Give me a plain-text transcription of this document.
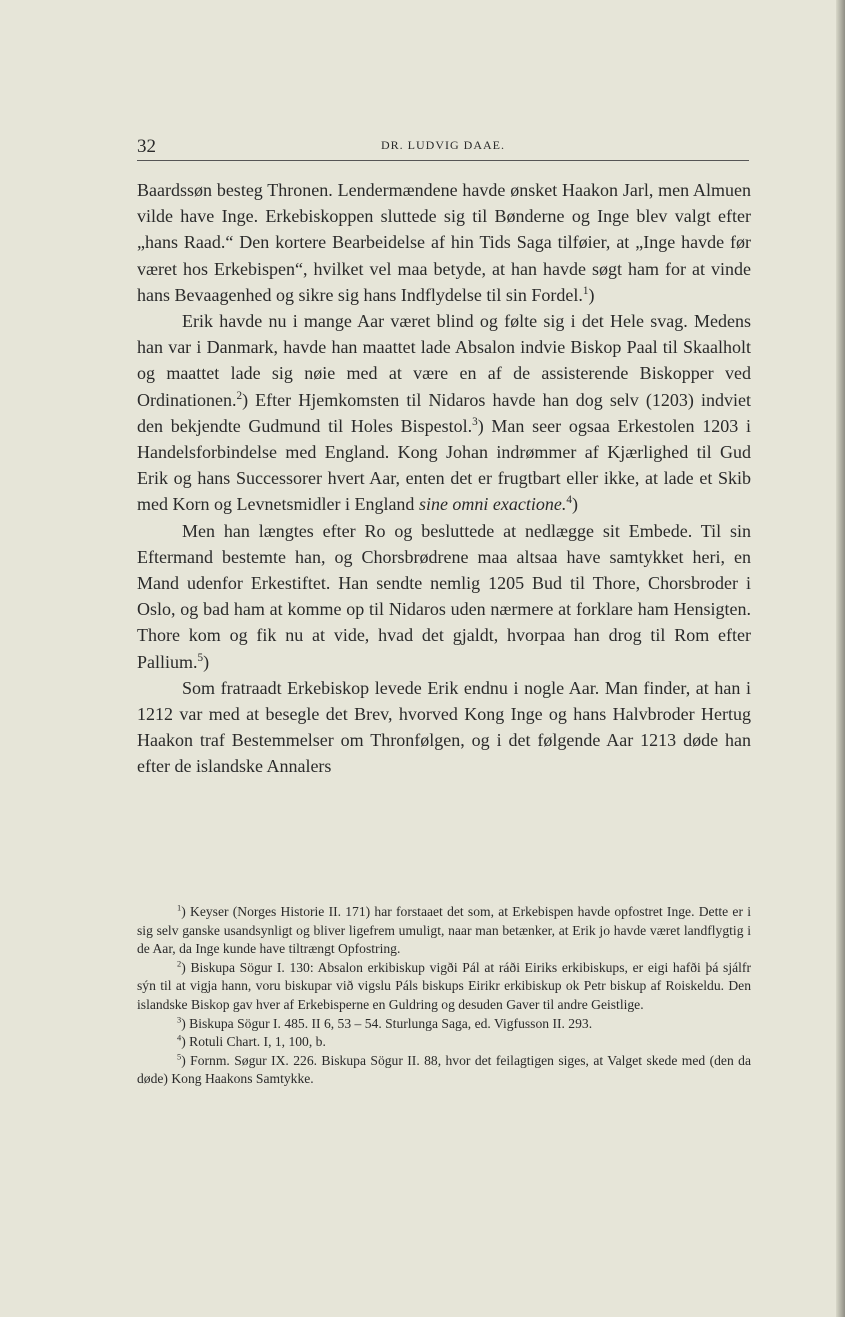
32	DR. LUDVIG DAAE.

Baardssøn besteg Thronen. Lendermændene havde ønsket Haakon Jarl, men Almuen vilde have Inge. Erkebiskoppen sluttede sig til Bønderne og Inge blev valgt efter „hans Raad.“ Den kortere Bearbeidelse af hin Tids Saga tilføier, at „Inge havde før været hos Erkebispen“, hvilket vel maa betyde, at han havde søgt ham for at vinde hans Bevaagenhed og sikre sig hans Indflydelse til sin Fordel.$^1$)

Erik havde nu i mange Aar været blind og følte sig i det Hele svag. Medens han var i Danmark, havde han maattet lade Absalon indvie Biskop Paal til Skaalholt og maattet lade sig nøie med at være en af de assisterende Biskopper ved Ordinationen.$^2$) Efter Hjemkomsten til Nidaros havde han dog selv (1203) indviet den bekjendte Gudmund til Holes Bispestol.$^3$) Man seer ogsaa Erkestolen 1203 i Handelsforbindelse med England. Kong Johan indrømmer af Kjærlighed til Gud Erik og hans Successorer hvert Aar, enten det er frugtbart eller ikke, at lade et Skib med Korn og Levnetsmidler i England sine omni exactione.$^4$)

Men han længtes efter Ro og besluttede at nedlægge sit Embede. Til sin Eftermand bestemte han, og Chorsbrødrene maa altsaa have samtykket heri, en Mand udenfor Erkestiftet. Han sendte nemlig 1205 Bud til Thore, Chorsbroder i Oslo, og bad ham at komme op til Nidaros uden nærmere at forklare ham Hensigten. Thore kom og fik nu at vide, hvad det gjaldt, hvorpaa han drog til Rom efter Pallium.$^5$)

Som fratraadt Erkebiskop levede Erik endnu i nogle Aar. Man finder, at han i 1212 var med at besegle det Brev, hvorved Kong Inge og hans Halvbroder Hertug Haakon traf Bestemmelser om Thronfølgen, og i det følgende Aar 1213 døde han efter de islandske Annalers

$^1$) Keyser (Norges Historie II. 171) har forstaaet det som, at Erkebispen havde opfostret Inge. Dette er i sig selv ganske usandsynligt og bliver ligefrem umuligt, naar man betænker, at Erik jo havde været landflygtig i de Aar, da Inge kunde have tiltrængt Opfostring.

$^2$) Biskupa Sögur I. 130: Absalon erkibiskup vigði Pál at ráði Eiriks erkibiskups, er eigi hafði þá sjálfr sýn til at vigja hann, voru biskupar við vigslu Páls biskups Eirikr erkibiskup ok Petr biskup af Roiskeldu. Den islandske Biskop gav hver af Erkebisperne en Guldring og desuden Gaver til andre Geistlige.

$^3$) Biskupa Sögur I. 485. II 6, 53 – 54. Sturlunga Saga, ed. Vigfusson II. 293.

$^4$) Rotuli Chart. I, 1, 100, b.

$^5$) Fornm. Søgur IX. 226. Biskupa Sögur II. 88, hvor det feilagtigen siges, at Valget skede med (den da døde) Kong Haakons Samtykke.
